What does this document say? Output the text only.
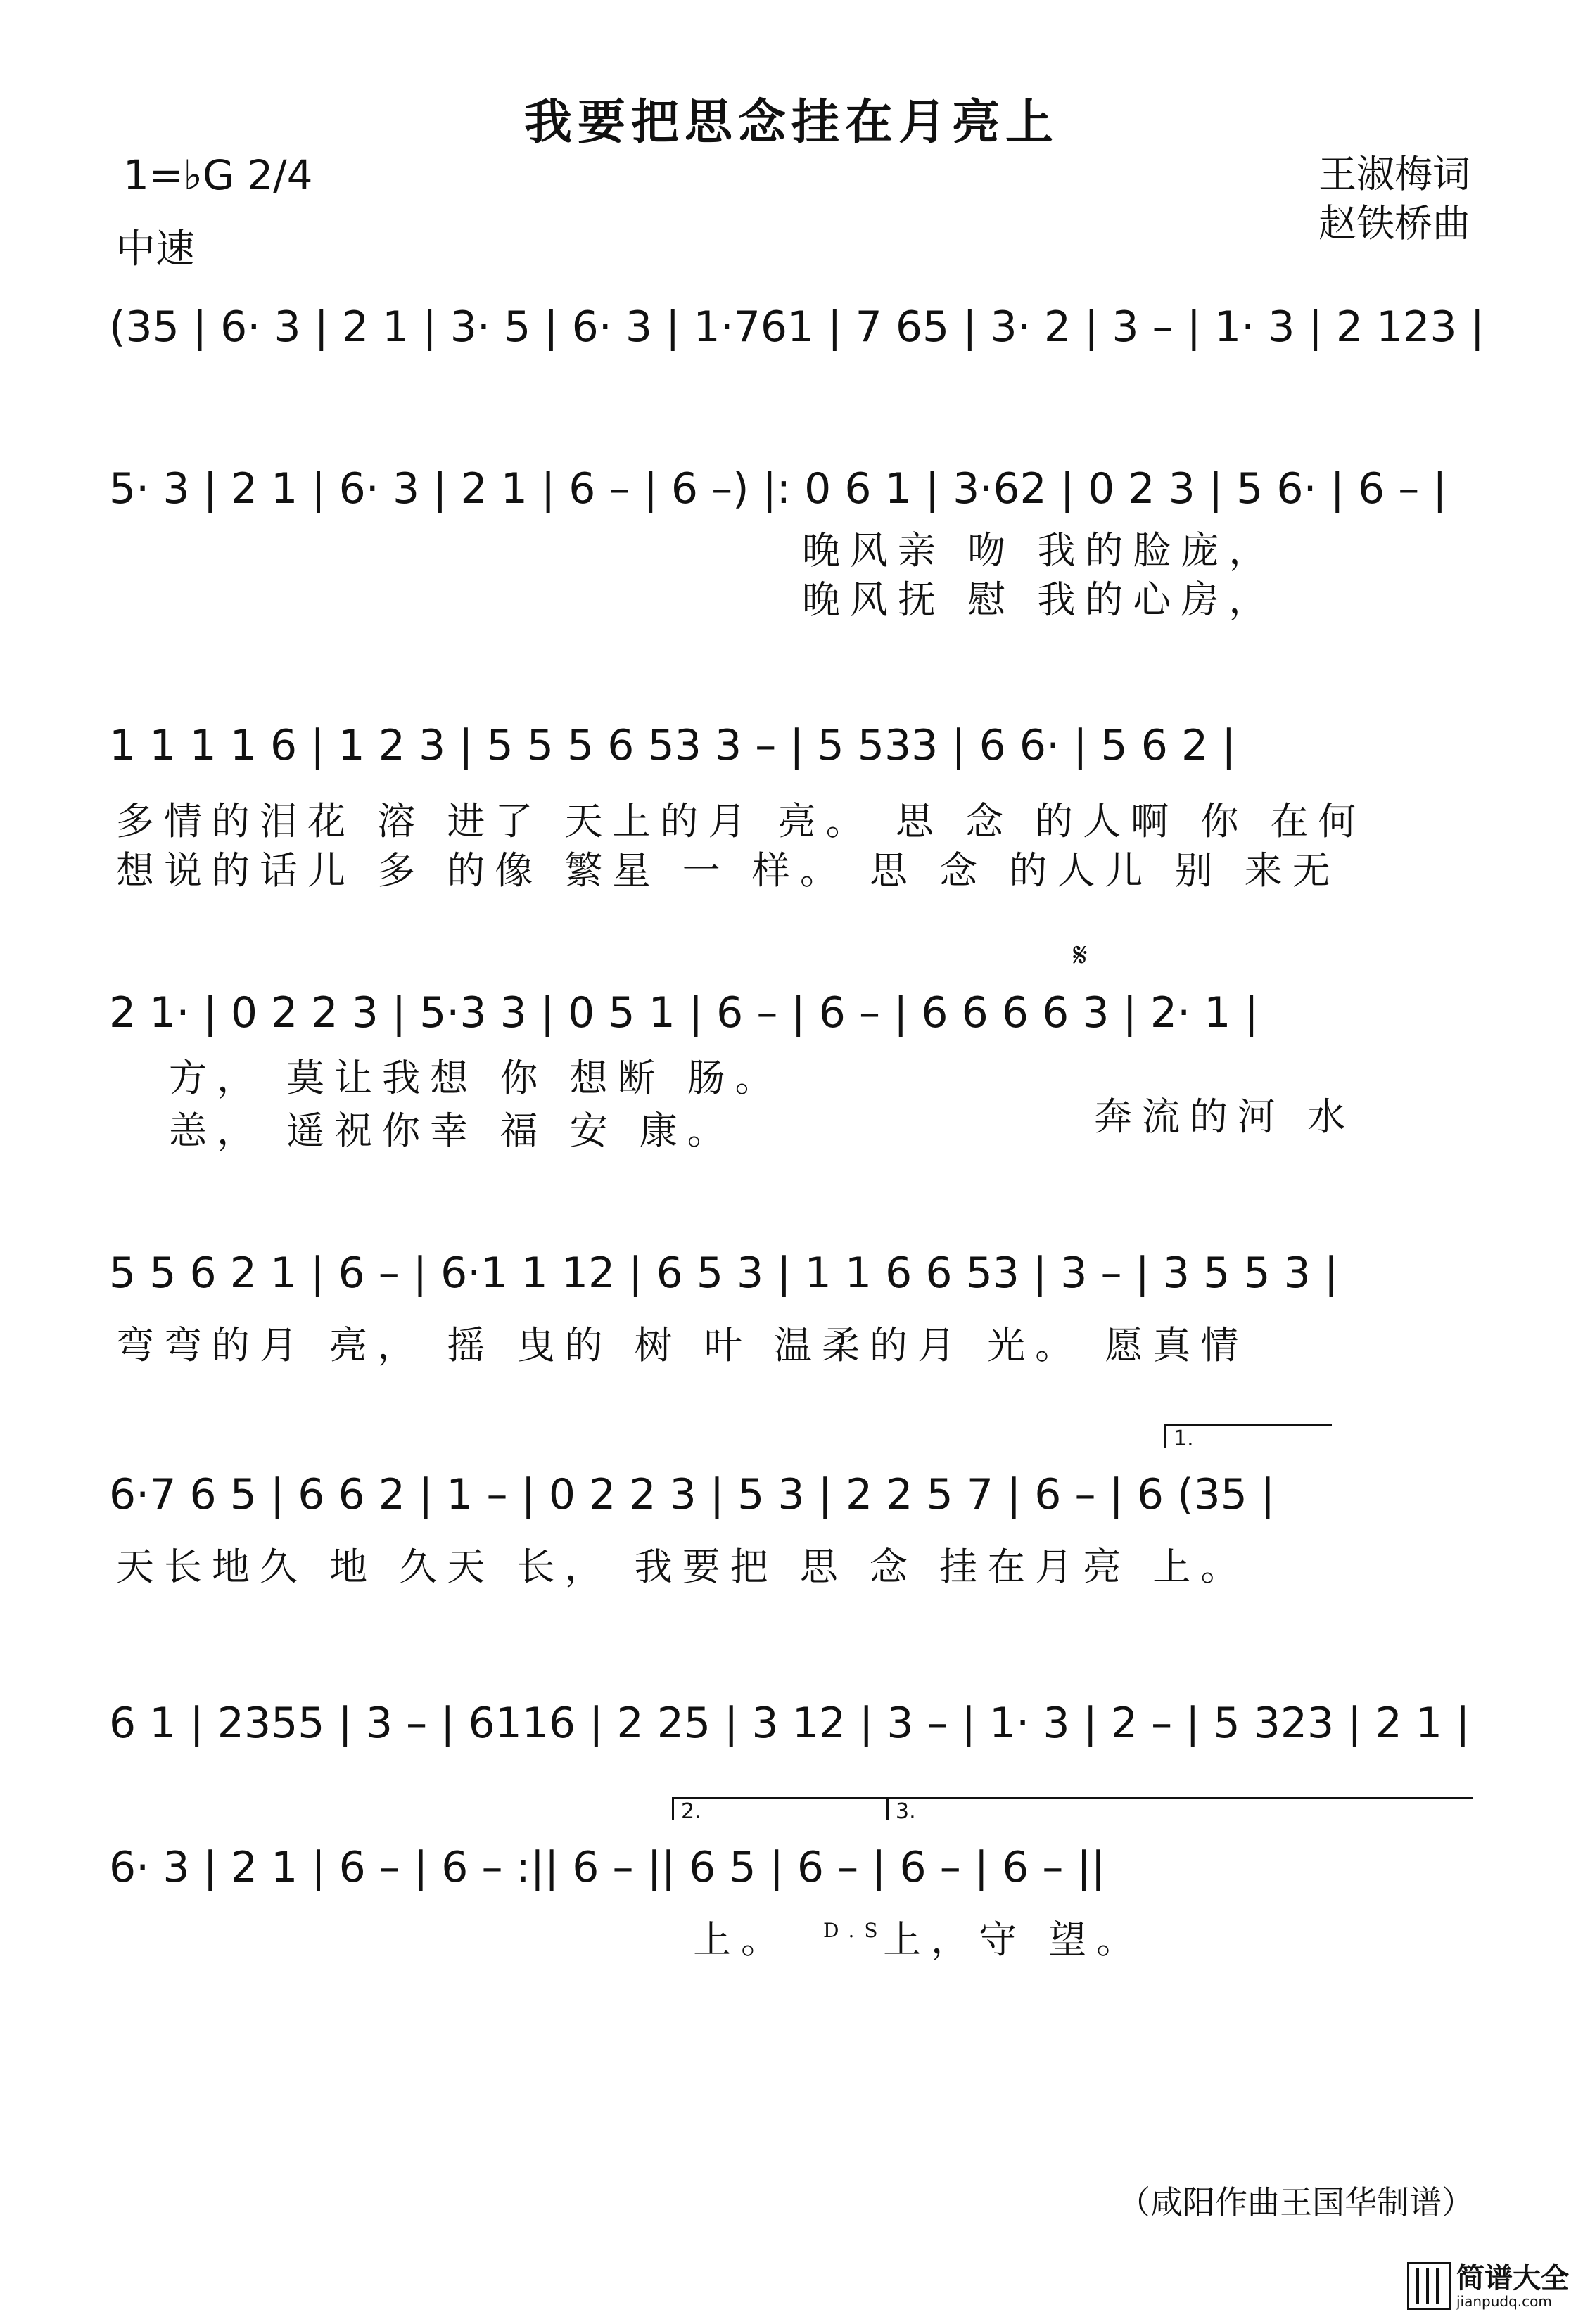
我要把思念挂在月亮上
1=♭G 2/4
中速
王淑梅词
赵铁桥曲
(35 | 6· 3 | 2 1 | 3· 5 | 6· 3 | 1·761 | 7 65 | 3· 2 | 3 – | 1· 3 | 2 123 |
5· 3 | 2 1 | 6· 3 | 2 1 | 6 – | 6 –) |: 0 6 1 | 3·62 | 0 2 3 | 5 6· | 6 – |
晚风亲 吻 我的脸庞，
晚风抚 慰 我的心房，
1 1 1 1 6 | 1 2 3 | 5 5 5 6 53 3 – | 5 533 | 6 6· | 5 6 2 |
多情的泪花 溶 进了 天上的月 亮。 思 念 的人啊 你 在何
想说的话儿 多 的像 繁星 一 样。 思 念 的人儿 别 来无
𝄋
2 1· | 0 2 2 3 | 5·3 3 | 0 5 1 | 6 – | 6 – | 6 6 6 6 3 | 2· 1 |
方， 莫让我想 你 想断 肠。
恙， 遥祝你幸 福 安 康。	奔流的河 水
5 5 6 2 1 | 6 – | 6·1 1 12 | 6 5 3 | 1 1 6 6 53 | 3 – | 3 5 5 3 |
弯弯的月 亮， 摇 曳的 树 叶 温柔的月 光。 愿真情
1.
6·7 6 5 | 6 6 2 | 1 – | 0 2 2 3 | 5 3 | 2 2 5 7 | 6 – | 6 (35 |
天长地久 地 久天 长， 我要把 思 念 挂在月亮 上。
6 1 | 2355 | 3 – | 6116 | 2 25 | 3 12 | 3 – | 1· 3 | 2 – | 5 323 | 2 1 |
2.	3.
6· 3 | 2 1 | 6 – | 6 – :|| 6 – || 6 5 | 6 – | 6 – | 6 – ||
上。 D.S
上，守 望。
（咸阳作曲王国华制谱）
简谱大全
jianpudq.com
